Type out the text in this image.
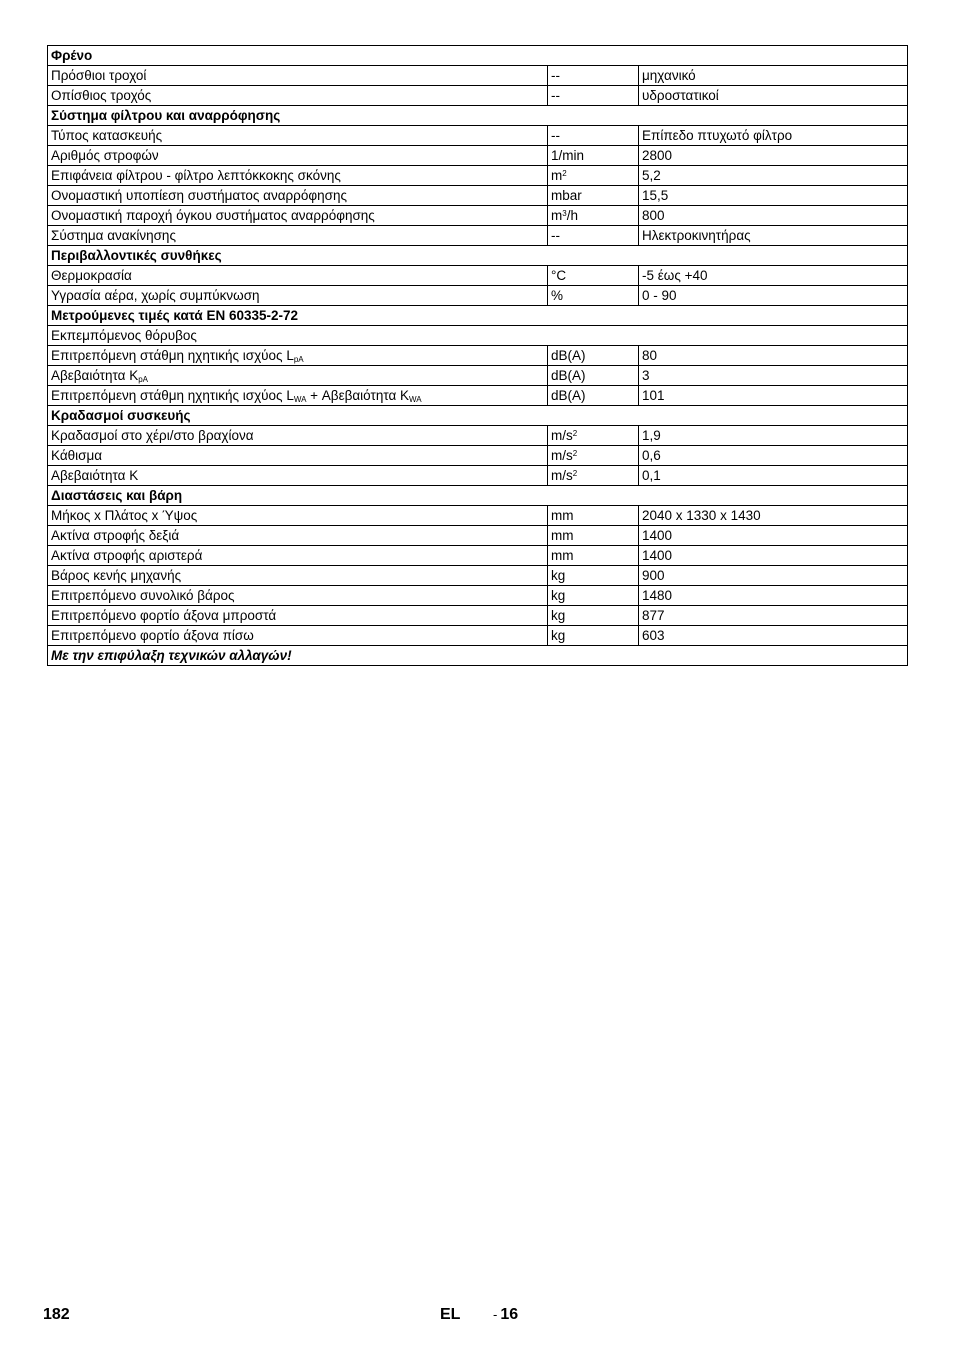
Φρένο		
Πρόσθιοι τροχοί	--	μηχανικό
Οπίσθιος τροχός	--	υδροστατικοί
Σύστημα φίλτρου και αναρρόφησης		
Τύπος κατασκευής	--	Επίπεδο πτυχωτό φίλτρο
Αριθμός στροφών	1/min	2800
Επιφάνεια φίλτρου - φίλτρο λεπτόκκοκης σκόνης	$m^2$	5,2
Ονομαστική υποπίεση συστήματος αναρρόφησης	mbar	15,5
Ονομαστική παροχή όγκου συστήματος αναρρόφησης	$m^3/h$	800
Σύστημα ανακίνησης	--	Ηλεκτροκινητήρας
Περιβαλλοντικές συνθήκες		
Θερμοκρασία	°C	-5 έως +40
Υγρασία αέρα, χωρίς συμπύκνωση	%	0 - 90
Μετρούμενες τιμές κατά EN 60335-2-72		
Εκπεμπόμενος θόρυβος		
Επιτρεπόμενη στάθμη ηχητικής ισχύος $L_{pA}$	dB(A)	80
Αβεβαιότητα $K_{pA}$	dB(A)	3
Επιτρεπόμενη στάθμη ηχητικής ισχύος $L_{WA} + A\beta\varepsilon\beta\alpha\iota ό\tau\eta\tau\alpha$ $K_{WA}$	dB(A)	101
Κραδασμοί συσκευής		
Κραδασμοί στο χέρι/στο βραχίονα	$m/s^2$	1,9
Κάθισμα	$m/s^2$	0,6
Αβεβαιότητα K	$m/s^2$	0,1
Διαστάσεις και βάρη		
Μήκος x Πλάτος x Ύψος	mm	2040 x 1330 x 1430
Ακτίνα στροφής δεξιά	mm	1400
Ακτίνα στροφής αριστερά	mm	1400
Βάρος κενής μηχανής	kg	900
Επιτρεπόμενο συνολικό βάρος	kg	1480
Επιτρεπόμενο φορτίο άξονα μπροστά	kg	877
Επιτρεπόμενο φορτίο άξονα πίσω	kg	603
Με την επιφύλαξη τεχνικών αλλαγών!		
182	EL	- 16
